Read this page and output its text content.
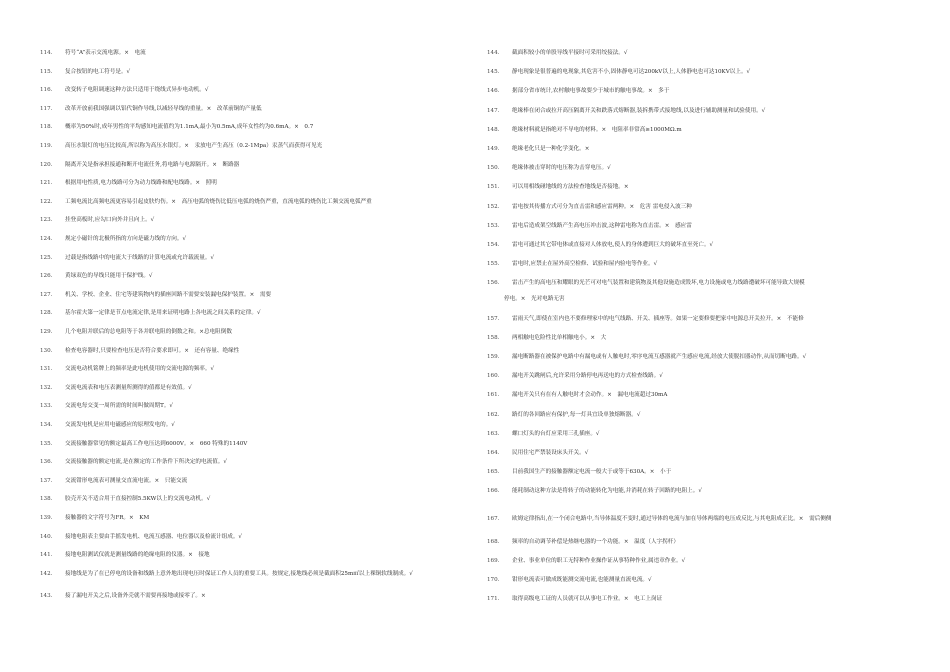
114.	符号“A”表示交流电源。×　电流
115.	复合按钮的电工符号是。√
116.	改变转子电阻调速这种方法只适用于绕线式异步电动机。√
117.	改革开放前我国强调以铝代铜作导线,以减轻导线的重量。×　改革前铜的产量低
118.	概率为50%时,成年男性的平均感知电流值约为1.1mA,最小为0.5mA,成年女性约为0.6mA。×　0.7
119.	高压水银灯的电压比较高,所以称为高压水银灯。×　汞放电产生高压（0.2-1Mpa）汞蒸气而获得可见光
120.	隔离开关是指承担接通和断开电流任务,将电路与电源隔开。×　断路器
121.	根据用电性质,电力线路可分为动力线路和配电线路。×　照明
122.	工频电流比高频电流更容易引起皮肤灼伤。×　高压电弧的烧伤比低压电弧的烧伤严重，直流电弧的烧伤比工频交流电弧严重
123.	挂登高板时,应勾口向外并且向上。√
124.	规定小磁针的北极所指的方向是磁力线的方向。√
125.	过载是指线路中的电流大于线路的计算电流或允许载流量。√
126.	黄绿双色的导线只能用于保护线。√
127.	机关、学校、企业、住宅等建筑物内的插座回路不需要安装漏电保护装置。×　需要
128.	基尔霍夫第一定律是节点电流定律,是用来证明电路上各电流之间关系的定律。√
129.	几个电阻并联后的总电阻等于各并联电阻的倒数之和。×总电阻倒数
130.	检查电容器时,只要检查电压是否符合要求即可。×　还有容量、绝缘性
131.	交流电动机铭牌上的频率是此电机使用的交流电源的频率。√
132.	交流电流表和电压表测量所测得的值都是有效值。√
133.	交流电每交变一周所需的时间叫做周期T。√
134.	交流发电机是应用电磁感应的原理发电的。√
135.	交流接触器常见的额定最高工作电压达到6000V。×　660 特殊的1140V
136.	交流接触器的额定电流,是在额定的工作条件下所决定的电流值。√
137.	交流钳形电流表可测量交直流电流。×　只能交流
138.	胶壳开关不适合用于直接控制5.5KW以上的交流电动机。√
139.	接触器的文字符号为FR。×　KM
140.	接地电阻表主要由手摇发电机、电流互感器、电位器以及检流计组成。√
141.	接地电阻测试仪就是测量线路的绝缘电阻的仪器。×　接地
142.	接地线是为了在已停电的设备和线路上意外地出现电压时保证工作人员的重要工具。按规定,接地线必须是截面积25m㎡以上裸铜软线制成。√
143.	接了漏电开关之后,设备外壳就不需要再接地或接零了。×
144.	截面积较小的单股导线平接时可采用绞接法。√
145.	静电现象是很普遍的电现象,其危害不小,固体静电可达200kV以上,人体静电也可达10KV以上。√
146.	据部分省市统计,农村触电事故要少于城市的触电事故。×　多于
147.	绝缘棒在闭合或拉开高压隔离开关和跌落式熔断器,装拆携带式接地线,以及进行辅助测量和试验使用。√
148.	绝缘材料就是指绝对不导电的材料。×　电阻率非常高≥1000MΩ.m
149.	绝缘老化只是一种化学变化。×
150.	绝缘体被击穿时的电压称为击穿电压。√
151.	可以用相线碰地线的方法检查地线是否接地。×
152.	雷电按其传播方式可分为直击雷和感应雷两种。×　危害 雷电侵入波三种
153.	雷电后造成架空线路产生高电压冲击波,这种雷电称为直击雷。×　感应雷
154.	雷电可通过其它带电体或直接对人体放电,使人的身体遭到巨大的破坏直至死亡。√
155.	雷电时,应禁止在屋外高空检修、试验和屋内验电等作业。√
156.	雷击产生的高电压和耀眼的光芒可对电气装置和建筑物及其他设施造成毁坏,电力设施或电力线路遭破坏可能导致大规模
停电。×　光对电路无害
157.	雷雨天气,即使在室内也不要修理家中的电气线路、开关、插座等。如果一定要修要把家中电源总开关拉开。×　不能修
158.	两相触电危险性比单相触电小。×　大
159.	漏电断路器在被保护电路中有漏电或有人触电时,零序电流互感器就产生感应电流,经放大使脱扣器动作,从而切断电路。√
160.	漏电开关跳闸后,允许采用分路停电再送电的方式检查线路。√
161.	漏电开关只有在有人触电时才会动作。×　漏电电流超过30mA
162.	路灯的各回路应有保护,每一灯具宜设单独熔断器。√
163.	螺口灯头的台灯应采用三孔插座。√
164.	民用住宅严禁装设床头开关。√
165.	目前我国生产的接触器额定电流一般大于或等于630A。×　小于
166.	能耗制动这种方法是将转子的动能转化为电能,并消耗在转子回路的电阻上。√
167.	欧姆定律指出,在一个闭合电路中,当导体温度不变时,通过导体的电流与加在导体两端的电压成反比,与其电阻成正比。×　需后侧侧
168.	频率的自动调节补偿是热继电器的一个功能。×　温度（人字拐杆）
169.	企业、事业单位的职工无特种作业操作证从事特种作业,属违章作业。√
170.	钳形电流表可做成既能测交流电流,也能测量直流电流。√
171.	取得高级电工证的人员就可以从事电工作业。×　电工上岗证
